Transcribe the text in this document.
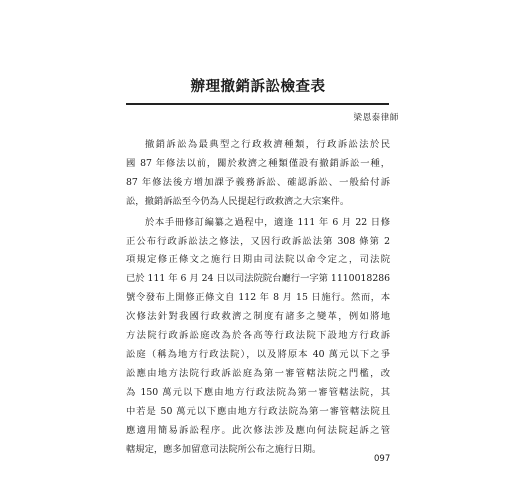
辦理撤銷訴訟檢查表
梁恩泰律師

撤銷訴訟為最典型之行政救濟種類，行政訴訟法於民
國 87 年修法以前，關於救濟之種類僅設有撤銷訴訟一種，
87 年修法後方增加課予義務訴訟、確認訴訟、一般給付訴
訟，撤銷訴訟至今仍為人民提起行政救濟之大宗案件。

於本手冊修訂編纂之過程中，適逢 111 年 6 月 22 日修
正公布行政訴訟法之修法，又因行政訴訟法第 308 條第 2
項規定修正條文之施行日期由司法院以命令定之，司法院
已於 111 年 6 月 24 日以司法院院台廳行一字第 1110018286
號令發布上開修正條文自 112 年 8 月 15 日施行。然而，本
次修法針對我國行政救濟之制度有諸多之變革，例如將地
方法院行政訴訟庭改為於各高等行政法院下設地方行政訴
訟庭（稱為地方行政法院），以及將原本 40 萬元以下之爭
訟應由地方法院行政訴訟庭為第一審管轄法院之門檻，改
為 150 萬元以下應由地方行政法院為第一審管轄法院，其
中若是 50 萬元以下應由地方行政法院為第一審管轄法院且
應適用簡易訴訟程序。此次修法涉及應向何法院起訴之管
轄規定，應多加留意司法院所公布之施行日期。

097
